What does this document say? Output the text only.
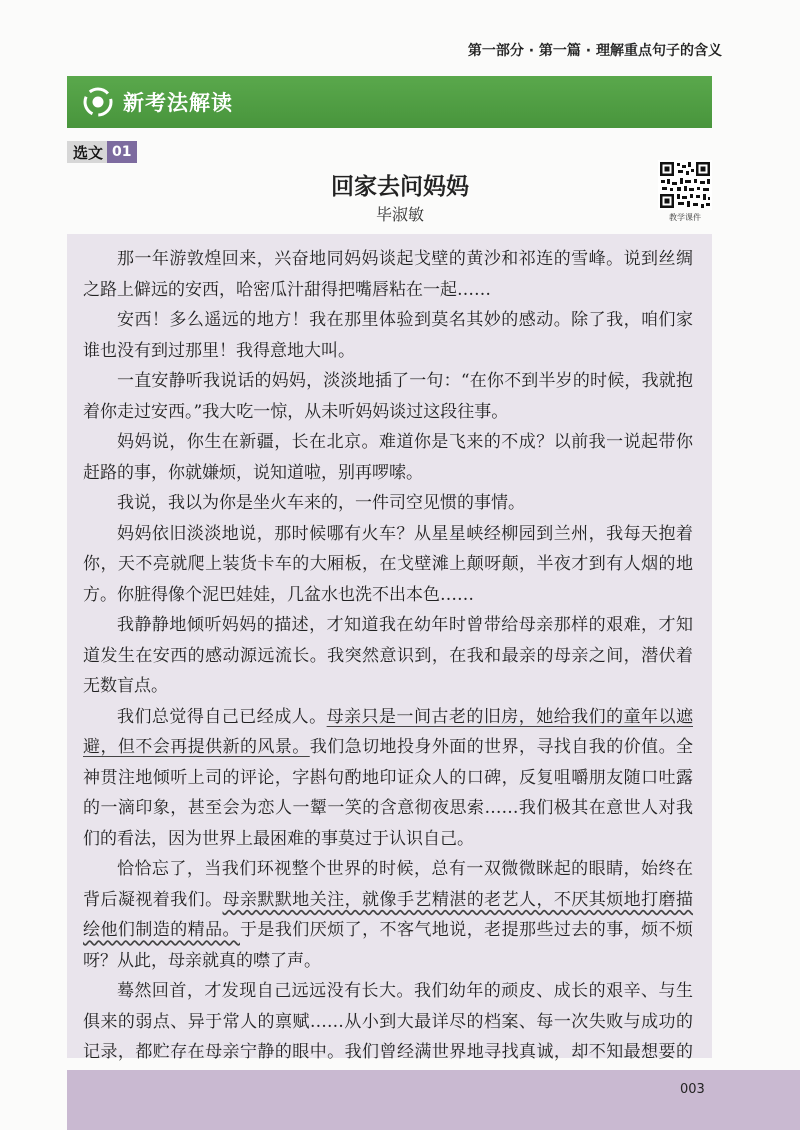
第一部分 · 第一篇 · 理解重点句子的含义
新考法解读
选文 01
回家去问妈妈
毕淑敏	教学课件

那一年游敦煌回来，兴奋地同妈妈谈起戈壁的黄沙和祁连的雪峰。说到丝绸之路上僻远的安西，哈密瓜汁甜得把嘴唇粘在一起……

安西！多么遥远的地方！我在那里体验到莫名其妙的感动。除了我，咱们家谁也没有到过那里！我得意地大叫。

一直安静听我说话的妈妈，淡淡地插了一句：“在你不到半岁的时候，我就抱着你走过安西。”我大吃一惊，从未听妈妈谈过这段往事。

妈妈说，你生在新疆，长在北京。难道你是飞来的不成？以前我一说起带你赶路的事，你就嫌烦，说知道啦，别再啰嗦。

我说，我以为你是坐火车来的，一件司空见惯的事情。

妈妈依旧淡淡地说，那时候哪有火车？从星星峡经柳园到兰州，我每天抱着你，天不亮就爬上装货卡车的大厢板，在戈壁滩上颠呀颠，半夜才到有人烟的地方。你脏得像个泥巴娃娃，几盆水也洗不出本色……

我静静地倾听妈妈的描述，才知道我在幼年时曾带给母亲那样的艰难，才知道发生在安西的感动源远流长。我突然意识到，在我和最亲的母亲之间，潜伏着无数盲点。

我们总觉得自己已经成人。母亲只是一间古老的旧房，她给我们的童年以遮避，但不会再提供新的风景。我们急切地投身外面的世界，寻找自我的价值。全神贯注地倾听上司的评论，字斟句酌地印证众人的口碑，反复咀嚼朋友随口吐露的一滴印象，甚至会为恋人一颦一笑的含意彻夜思索……我们极其在意世人对我们的看法，因为世界上最困难的事莫过于认识自己。

恰恰忘了，当我们环视整个世界的时候，总有一双微微眯起的眼睛，始终在背后凝视着我们。母亲默默地关注，就像手艺精湛的老艺人，不厌其烦地打磨描绘他们制造的精品。于是我们厌烦了，不客气地说，老提那些过去的事，烦不烦呀？从此，母亲就真的噤了声。

蓦然回首，才发现自己远远没有长大。我们幼年的顽皮、成长的艰辛、与生俱来的弱点、异于常人的禀赋……从小到大最详尽的档案、每一次失败与成功的记录，都贮存在母亲宁静的眼中。我们曾经满世界地寻找真诚，却不知最想要的

003
